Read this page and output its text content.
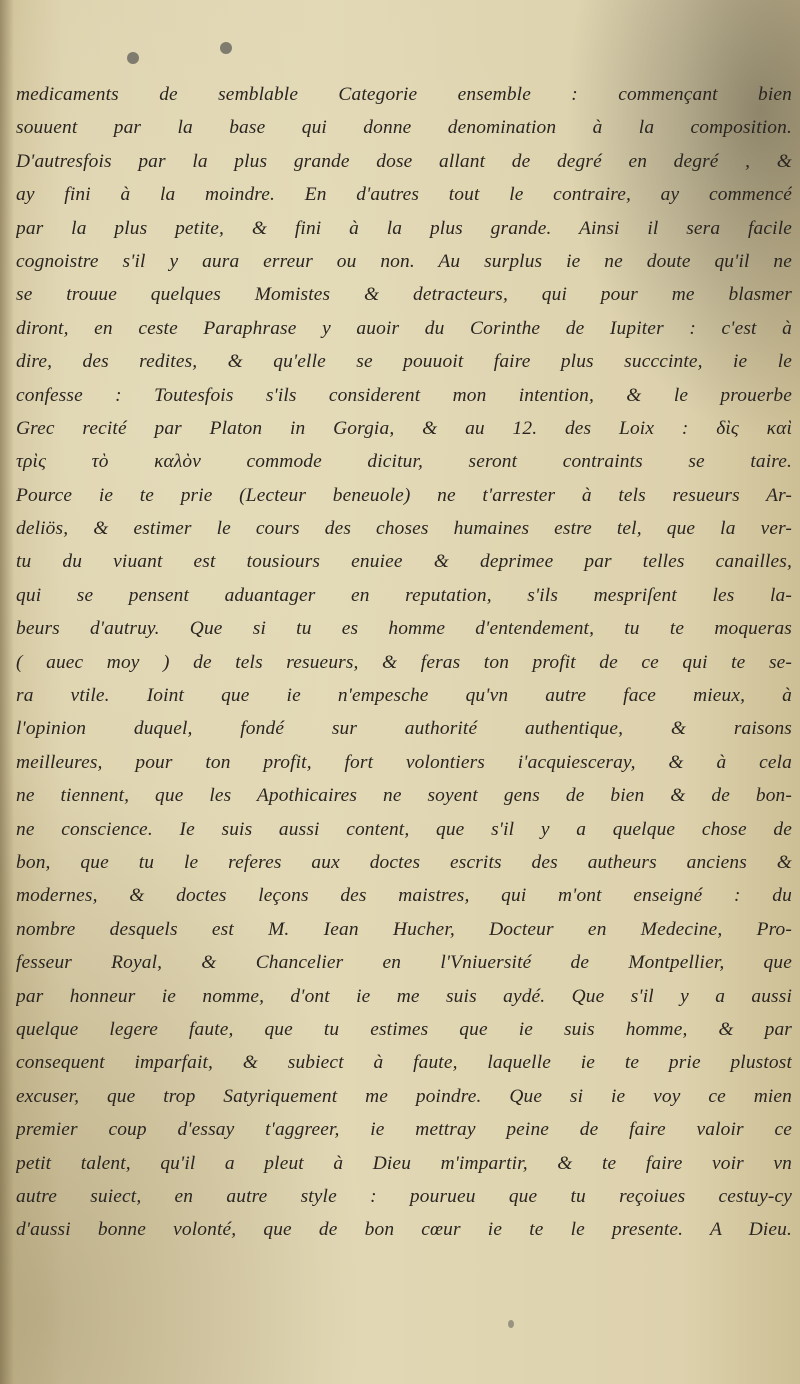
medicaments de semblable Categorie ensemble : commençant bien
souuent par la base qui donne denomination à la composition.
D'autresfois par la plus grande dose allant de degré en degré , &
ay fini à la moindre. En d'autres tout le contraire, ay commencé
par la plus petite, & fini à la plus grande. Ainsi il sera facile
cognoistre s'il y aura erreur ou non. Au surplus ie ne doute qu'il ne
se trouue quelques Momistes & detracteurs, qui pour me blasmer
diront, en ceste Paraphrase y auoir du Corinthe de Iupiter : c'est à
dire, des redites, & qu'elle se pouuoit faire plus succcinte, ie le
confesse : Toutesfois s'ils considerent mon intention, & le prouerbe
Grec recité par Platon in Gorgia, & au 12. des Loix : δὶς καὶ
τρὶς τὸ καλὸν commode dicitur, seront contraints se taire.
Pource ie te prie (Lecteur beneuole) ne t'arrester à tels resueurs Ar-
deliös, & estimer le cours des choses humaines estre tel, que la ver-
tu du viuant est tousiours enuiee & deprimee par telles canailles,
qui se pensent aduantager en reputation, s'ils mespriſent les la-
beurs d'autruy. Que si tu es homme d'entendement, tu te moqueras
( auec moy ) de tels resueurs, & feras ton profit de ce qui te se-
ra vtile. Ioint que ie n'empesche qu'vn autre face mieux, à
l'opinion duquel, fondé sur authorité authentique, & raisons
meilleures, pour ton profit, fort volontiers i'acquiesceray, & à cela
ne tiennent, que les Apothicaires ne soyent gens de bien & de bon-
ne conscience. Ie suis aussi content, que s'il y a quelque chose de
bon, que tu le referes aux doctes escrits des autheurs anciens &
modernes, & doctes leçons des maistres, qui m'ont enseigné : du
nombre desquels est M. Iean Hucher, Docteur en Medecine, Pro-
fesseur Royal, & Chancelier en l'Vniuersité de Montpellier, que
par honneur ie nomme, d'ont ie me suis aydé. Que s'il y a aussi
quelque legere faute, que tu estimes que ie suis homme, & par
consequent imparfait, & subiect à faute, laquelle ie te prie plustost
excuser, que trop Satyriquement me poindre. Que si ie voy ce mien
premier coup d'essay t'aggreer, ie mettray peine de faire valoir ce
petit talent, qu'il a pleut à Dieu m'impartir, & te faire voir vn
autre suiect, en autre style : pourueu que tu reçoiues cestuy-cy
d'aussi bonne volonté, que de bon cœur ie te le presente. A Dieu.
